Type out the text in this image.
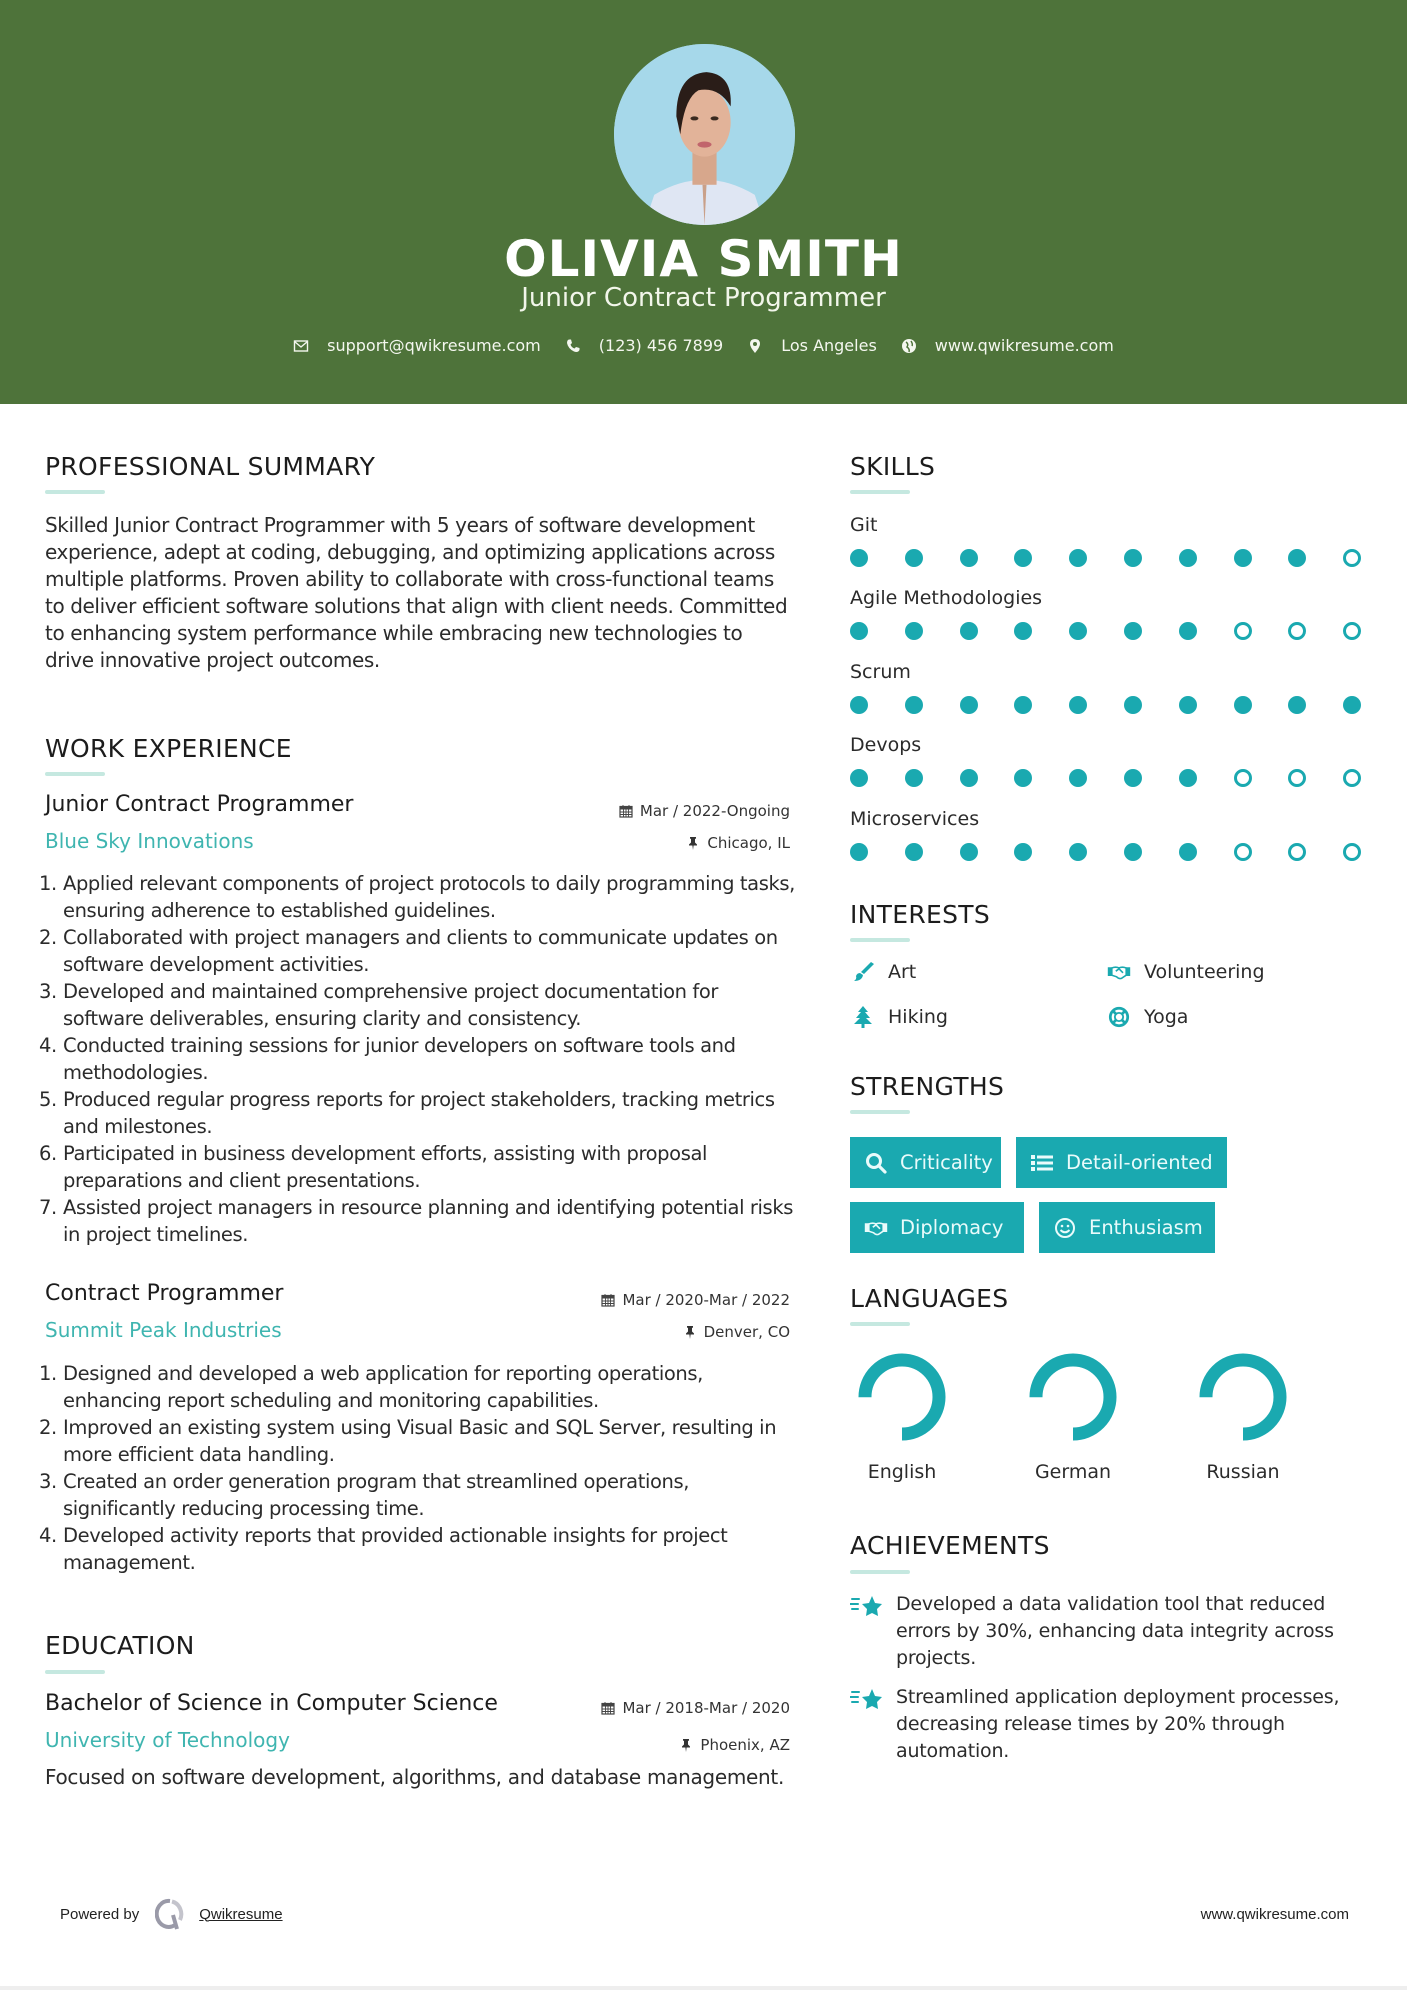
OLIVIA SMITH
Junior Contract Programmer
support@qwikresume.com	(123) 456 7899	Los Angeles	www.qwikresume.com
PROFESSIONAL SUMMARY
Skilled Junior Contract Programmer with 5 years of software development experience, adept at coding, debugging, and optimizing applications across multiple platforms. Proven ability to collaborate with cross-functional teams to deliver efficient software solutions that align with client needs. Committed to enhancing system performance while embracing new technologies to drive innovative project outcomes.
WORK EXPERIENCE
Junior Contract Programmer	Mar / 2022-Ongoing
Blue Sky Innovations	Chicago, IL
1. Applied relevant components of project protocols to daily programming tasks, ensuring adherence to established guidelines.
2. Collaborated with project managers and clients to communicate updates on software development activities.
3. Developed and maintained comprehensive project documentation for software deliverables, ensuring clarity and consistency.
4. Conducted training sessions for junior developers on software tools and methodologies.
5. Produced regular progress reports for project stakeholders, tracking metrics and milestones.
6. Participated in business development efforts, assisting with proposal preparations and client presentations.
7. Assisted project managers in resource planning and identifying potential risks in project timelines.
Contract Programmer	Mar / 2020-Mar / 2022
Summit Peak Industries	Denver, CO
1. Designed and developed a web application for reporting operations, enhancing report scheduling and monitoring capabilities.
2. Improved an existing system using Visual Basic and SQL Server, resulting in more efficient data handling.
3. Created an order generation program that streamlined operations, significantly reducing processing time.
4. Developed activity reports that provided actionable insights for project management.
EDUCATION
Bachelor of Science in Computer Science	Mar / 2018-Mar / 2020
University of Technology	Phoenix, AZ
Focused on software development, algorithms, and database management.
SKILLS
Git
Agile Methodologies
Scrum
Devops
Microservices
INTERESTS
Art	Volunteering
Hiking	Yoga
STRENGTHS
Criticality	Detail-oriented
Diplomacy	Enthusiasm
LANGUAGES
English	German	Russian
ACHIEVEMENTS
Developed a data validation tool that reduced errors by 30%, enhancing data integrity across projects.
Streamlined application deployment processes, decreasing release times by 20% through automation.
Powered by	Qwikresume	www.qwikresume.com
